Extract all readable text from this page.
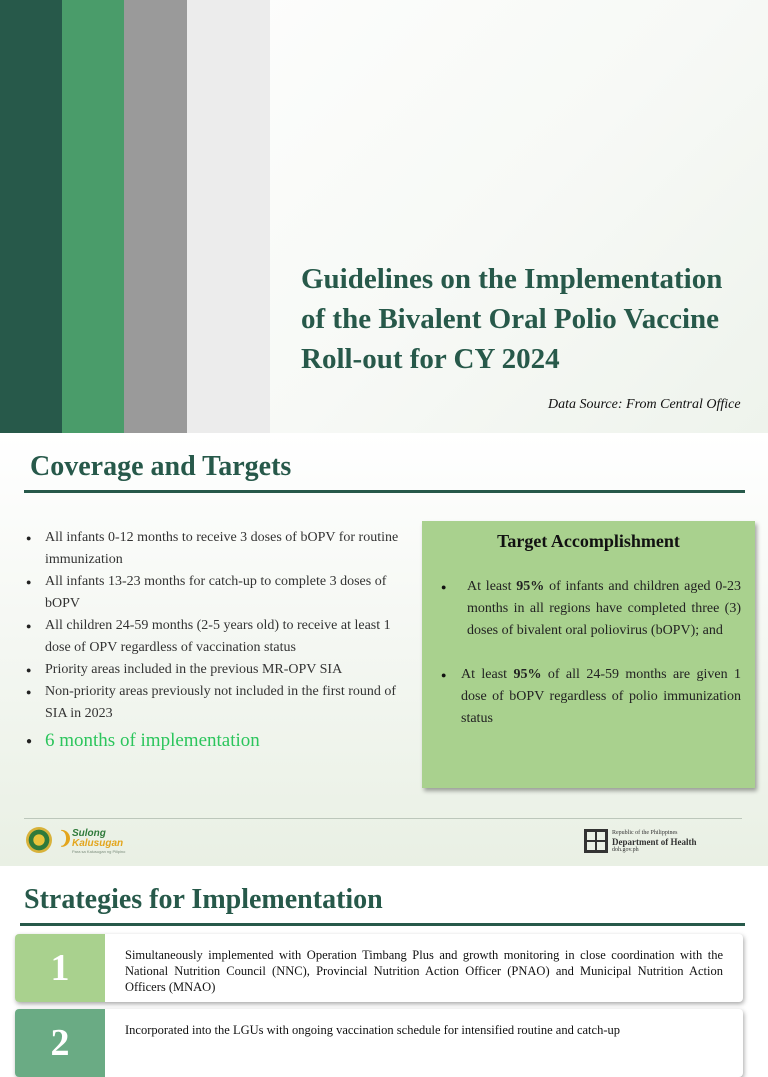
Guidelines on the Implementation of the Bivalent Oral Polio Vaccine Roll-out for CY 2024
Data Source: From Central Office
Coverage and Targets
● All infants 0-12 months to receive 3 doses of bOPV for routine immunization
● All infants 13-23 months for catch-up to complete 3 doses of bOPV
● All children 24-59 months (2-5 years old) to receive at least 1 dose of OPV regardless of vaccination status
● Priority areas included in the previous MR-OPV SIA
● Non-priority areas previously not included in the first round of SIA in 2023
● 6 months of implementation
Target Accomplishment
● At least 95% of infants and children aged 0-23 months in all regions have completed three (3) doses of bivalent oral poliovirus (bOPV); and
● At least 95% of all 24-59 months are given 1 dose of bOPV regardless of polio immunization status
❩
Sulong
Kalusugan
Para sa Kalusugan ng Pilipino
Republic of the Philippines
Department of Health
doh.gov.ph
Strategies for Implementation
1	Simultaneously implemented with Operation Timbang Plus and growth monitoring in close coordination with the National Nutrition Council (NNC), Provincial Nutrition Action Officer (PNAO) and Municipal Nutrition Action Officers (MNAO)
2	Incorporated into the LGUs with ongoing vaccination schedule for intensified routine and catch-up
